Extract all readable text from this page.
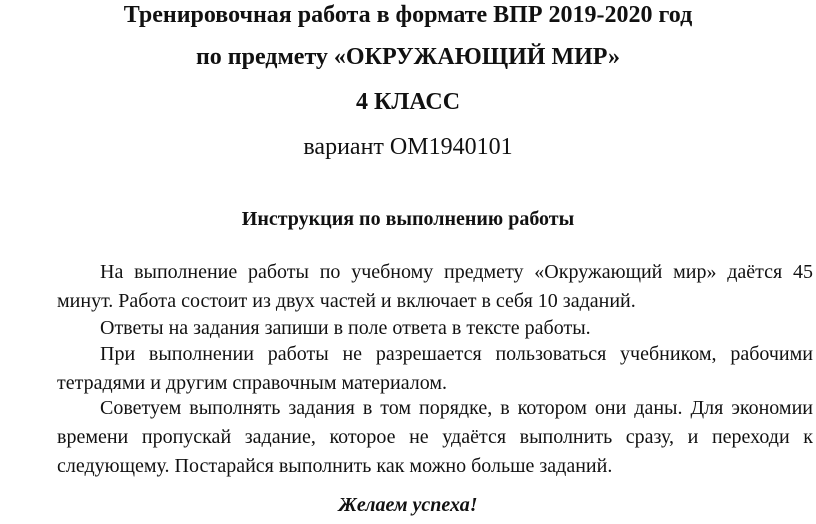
Тренировочная работа в формате ВПР 2019-2020 год
по предмету «ОКРУЖАЮЩИЙ МИР»
4 КЛАСС
вариант ОМ1940101
Инструкция по выполнению работы

На выполнение работы по учебному предмету «Окружающий мир» даётся 45 минут. Работа состоит из двух частей и включает в себя 10 заданий.

Ответы на задания запиши в поле ответа в тексте работы.

При выполнении работы не разрешается пользоваться учебником, рабочими тетрадями и другим справочным материалом.

Советуем выполнять задания в том порядке, в котором они даны. Для экономии времени пропускай задание, которое не удаётся выполнить сразу, и переходи к следующему. Постарайся выполнить как можно больше заданий.

Желаем успеха!
